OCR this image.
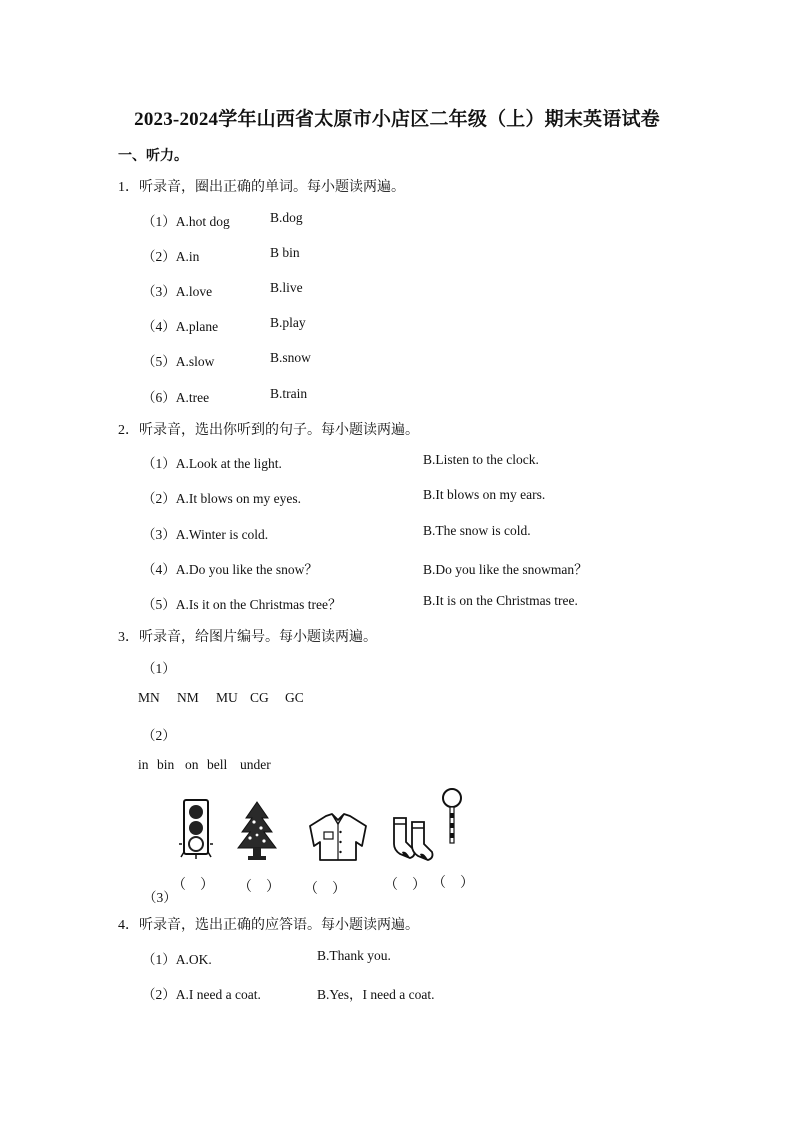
2023-2024学年山西省太原市小店区二年级（上）期末英语试卷
一、听力。
1．听录音，圈出正确的单词。每小题读两遍。
（1）A.hot dog	B.dog
（2）A.in	B bin
（3）A.love	B.live
（4）A.plane	B.play
（5）A.slow	B.snow
（6）A.tree	B.train
2．听录音，选出你听到的句子。每小题读两遍。
（1）A.Look at the light.	B.Listen to the clock.
（2）A.It blows on my eyes.	B.It blows on my ears.
（3）A.Winter is cold.	B.The snow is cold.
（4）A.Do you like the snow？	B.Do you like the snowman？
（5）A.Is it on the Christmas tree？	B.It is on the Christmas tree.
3．听录音，给图片编号。每小题读两遍。
（1）
MN NM MU CG GC
（2）
in bin on bell under
（3）
（　） （　） （　）	（　） （　）
4．听录音，选出正确的应答语。每小题读两遍。
（1）A.OK.	B.Thank you.
（2）A.I need a coat.	B.Yes，I need a coat.
